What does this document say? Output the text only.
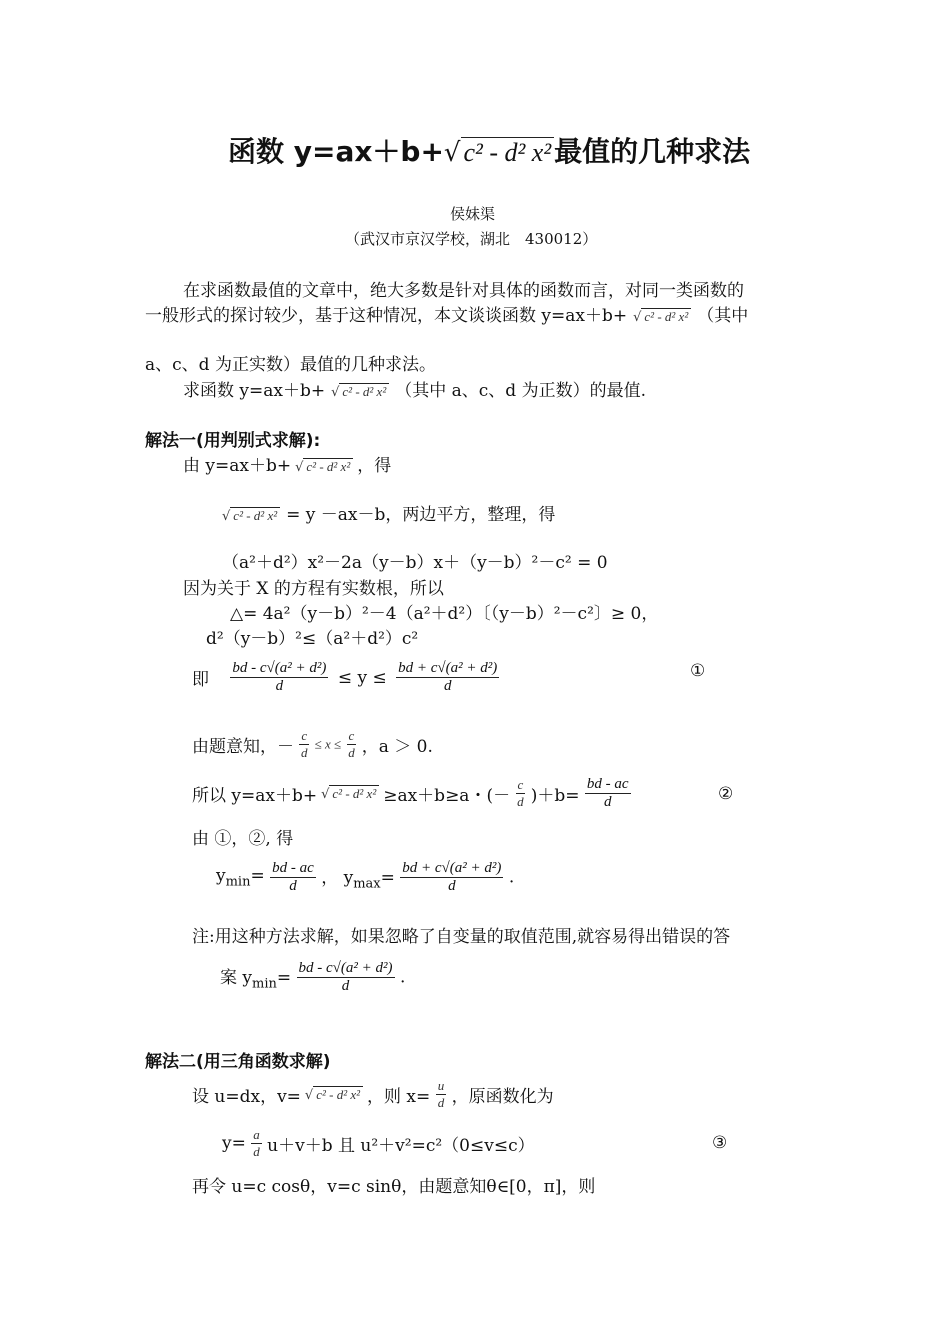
函数 y=ax＋b+√ c² - d² x² 最值的几种求法
侯妹渠
（武汉市京汉学校，湖北　430012）
在求函数最值的文章中，绝大多数是针对具体的函数而言，对同一类函数的
一般形式的探讨较少，基于这种情况，本文谈谈函数 y=ax＋b+ √ c² - d² x² （其中
a、c、d 为正实数）最值的几种求法。
求函数 y=ax＋b+ √ c² - d² x² （其中 a、c、d 为正数）的最值.
解法一(用判别式求解):
由 y=ax＋b+ √ c² - d² x² ，得
√ c² - d² x² = y －ax－b，两边平方，整理，得
（a²＋d²）x²－2a（y－b）x＋（y－b）²－c² = 0
因为关于 X 的方程有实数根，所以
△= 4a²（y－b）²－4（a²＋d²）〔（y－b）²－c²〕≥ 0，
d²（y－b）²≤（a²＋d²）c²
即 $\frac{\text{bd - c√(a² + d²)}}{d} \le y \le \frac{\text{bd + c√(a² + d²)}}{d}$	①
由题意知，－ $\frac{c}{d} \le x \le \frac{c}{d}$ ，a ＞ 0.
所以 y=ax＋b+ √ c² - d² x² ≥ax＋b≥a・(－ $\frac{c}{d} )+b= \frac{bd - ac}{d}$	②
由 ①，②, 得
$y_{min}= \frac{bd - ac}{d}$ ， $y_{max}= \frac{\text{bd + c√(a² + d²)}}{d}$ .
注:用这种方法求解，如果忽略了自变量的取值范围,就容易得出错误的答
案 $y_{min}= \frac{\text{bd - c√(a² + d²)}}{d}$ .
解法二(用三角函数求解)
设 u=dx，v= √ c² - d² x² ，则 $x= \frac{u}{d}$ ，原函数化为
$y= \frac{a}{d} u+v+b$ 且 u²＋v²=c²（0≤v≤c）	③
再令 u=c cosθ，v=c sinθ，由题意知θ∈[0，π]，则
